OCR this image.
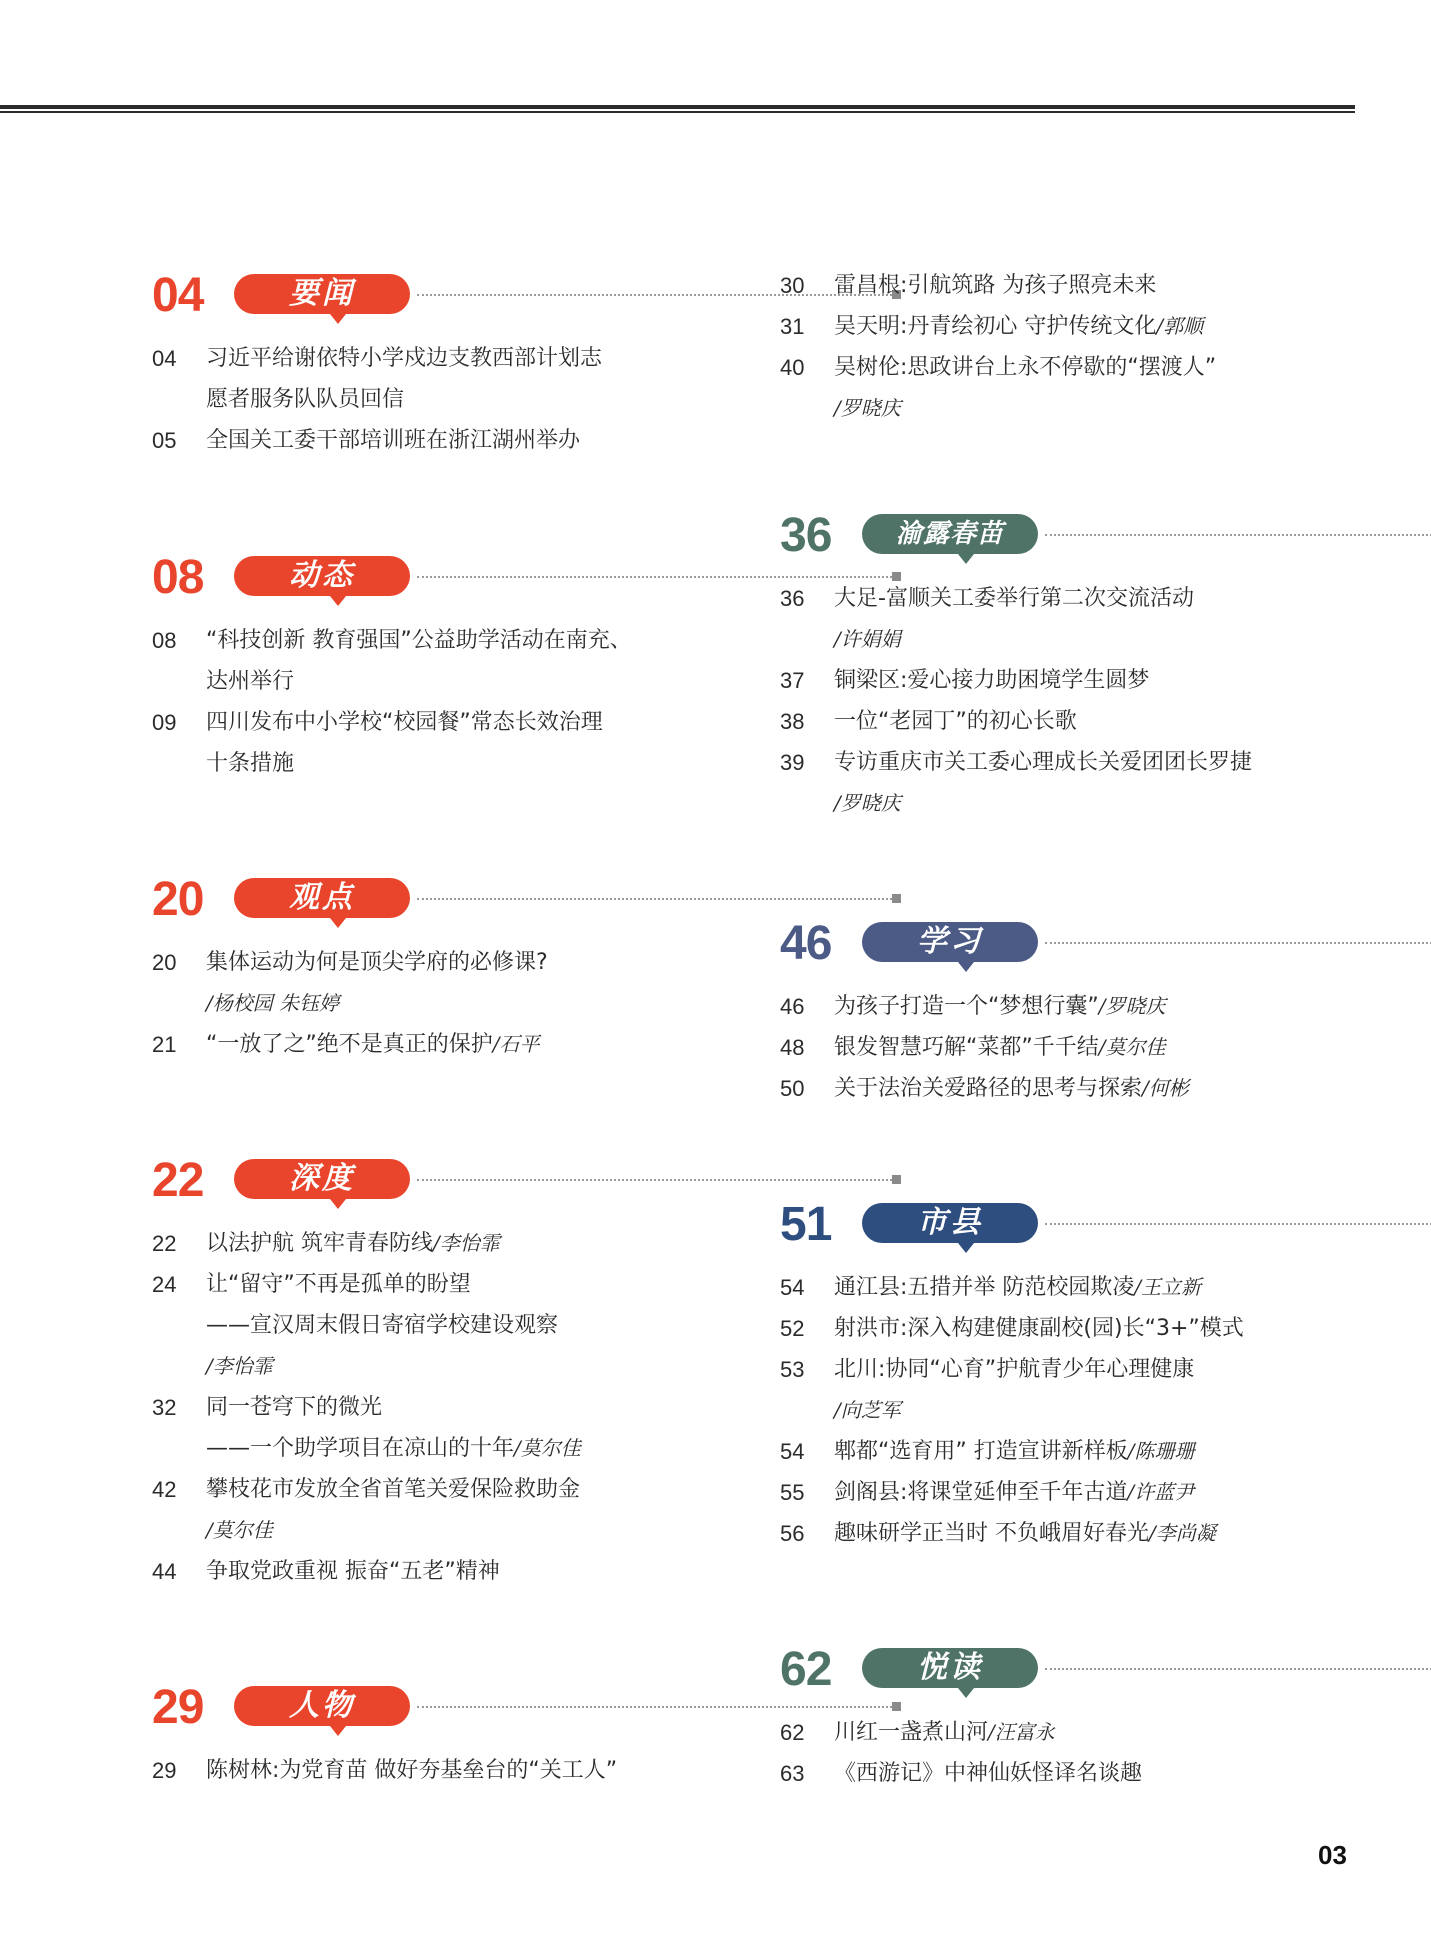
04	要闻
04 习近平给谢依特小学戍边支教西部计划志
愿者服务队队员回信
05 全国关工委干部培训班在浙江湖州举办
08	动态
08 “科技创新 教育强国”公益助学活动在南充、
达州举行
09 四川发布中小学校“校园餐”常态长效治理
十条措施
20	观点
20 集体运动为何是顶尖学府的必修课?
/杨校园 朱钰婷
21 “一放了之”绝不是真正的保护/石平
22	深度
22 以法护航 筑牢青春防线/李怡霏
24 让“留守”不再是孤单的盼望
——宣汉周末假日寄宿学校建设观察
/李怡霏
32 同一苍穹下的微光
——一个助学项目在凉山的十年/莫尔佳
42 攀枝花市发放全省首笔关爱保险救助金
/莫尔佳
44 争取党政重视 振奋“五老”精神
29	人物
29 陈树林:为党育苗 做好夯基垒台的“关工人”
30 雷昌根:引航筑路 为孩子照亮未来
31 吴天明:丹青绘初心 守护传统文化/郭顺
40 吴树伦:思政讲台上永不停歇的“摆渡人”
/罗晓庆
36	渝露春苗
36 大足-富顺关工委举行第二次交流活动
/许娟娟
37 铜梁区:爱心接力助困境学生圆梦
38 一位“老园丁”的初心长歌
39 专访重庆市关工委心理成长关爱团团长罗捷
/罗晓庆
46	学习
46 为孩子打造一个“梦想行囊”/罗晓庆
48 银发智慧巧解“菜都”千千结/莫尔佳
50 关于法治关爱路径的思考与探索/何彬
51	市县
54 通江县:五措并举 防范校园欺凌/王立新
52 射洪市:深入构建健康副校(园)长“3+”模式
53 北川:协同“心育”护航青少年心理健康
/向芝军
54 郫都“选育用” 打造宣讲新样板/陈珊珊
55 剑阁县:将课堂延伸至千年古道/许蓝尹
56 趣味研学正当时 不负峨眉好春光/李尚凝
62	悦读
62 川红一盏煮山河/汪富永
63 《西游记》中神仙妖怪译名谈趣
03
